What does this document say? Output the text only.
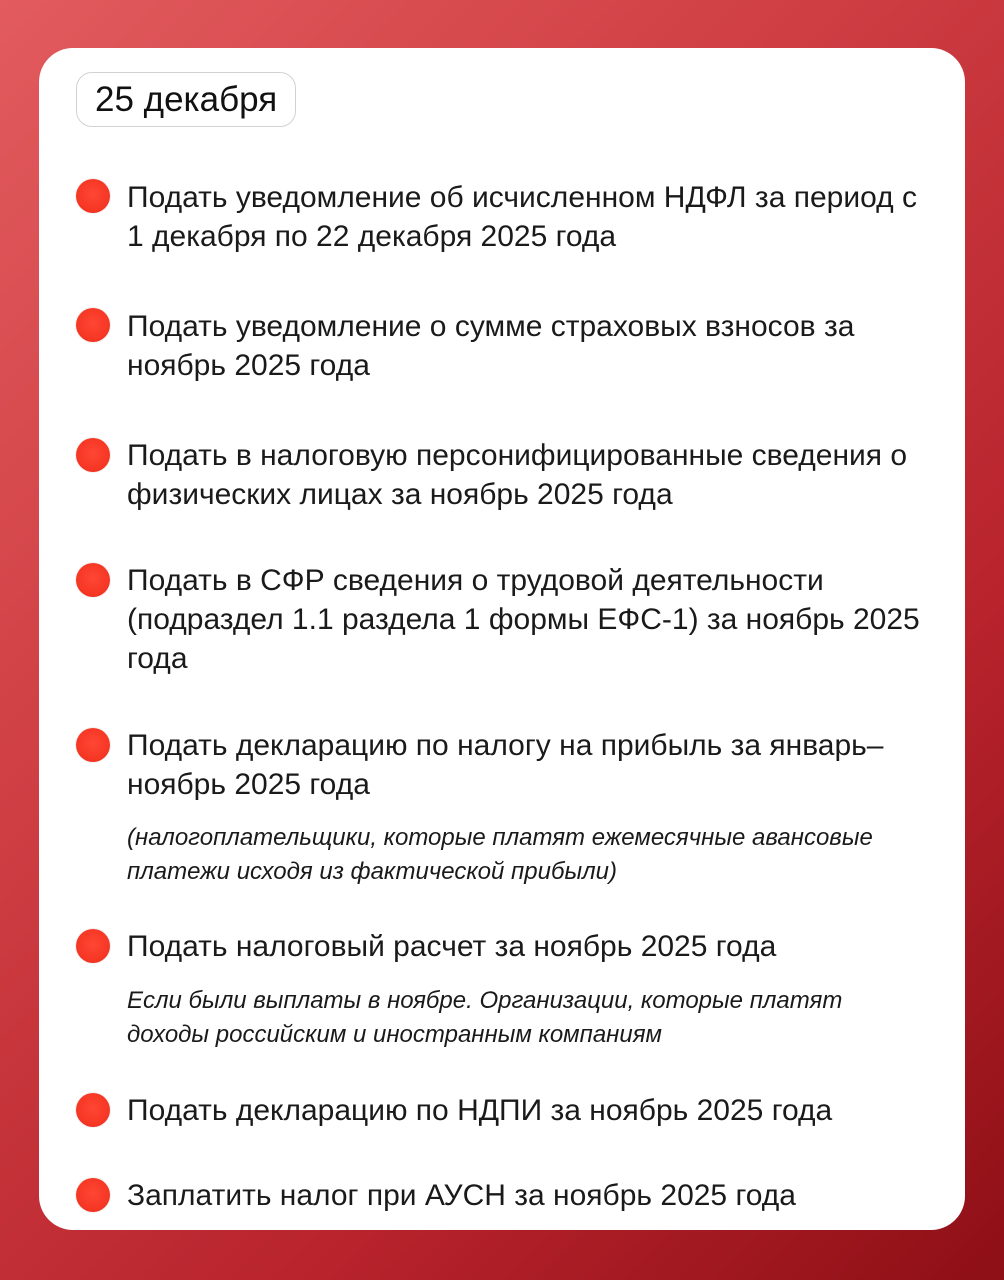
25 декабря
Подать уведомление об исчисленном НДФЛ за период с 1 декабря по 22 декабря 2025 года
Подать уведомление о сумме страховых взносов за ноябрь 2025 года
Подать в налоговую персонифицированные сведения о физических лицах за ноябрь 2025 года
Подать в СФР сведения о трудовой деятельности (подраздел 1.1 раздела 1 формы ЕФС-1) за ноябрь 2025 года
Подать декларацию по налогу на прибыль за январь–ноябрь 2025 года
(налогоплательщики, которые платят ежемесячные авансовые платежи исходя из фактической прибыли)
Подать налоговый расчет за ноябрь 2025 года
Если были выплаты в ноябре. Организации, которые платят доходы российским и иностранным компаниям
Подать декларацию по НДПИ за ноябрь 2025 года
Заплатить налог при АУСН за ноябрь 2025 года
